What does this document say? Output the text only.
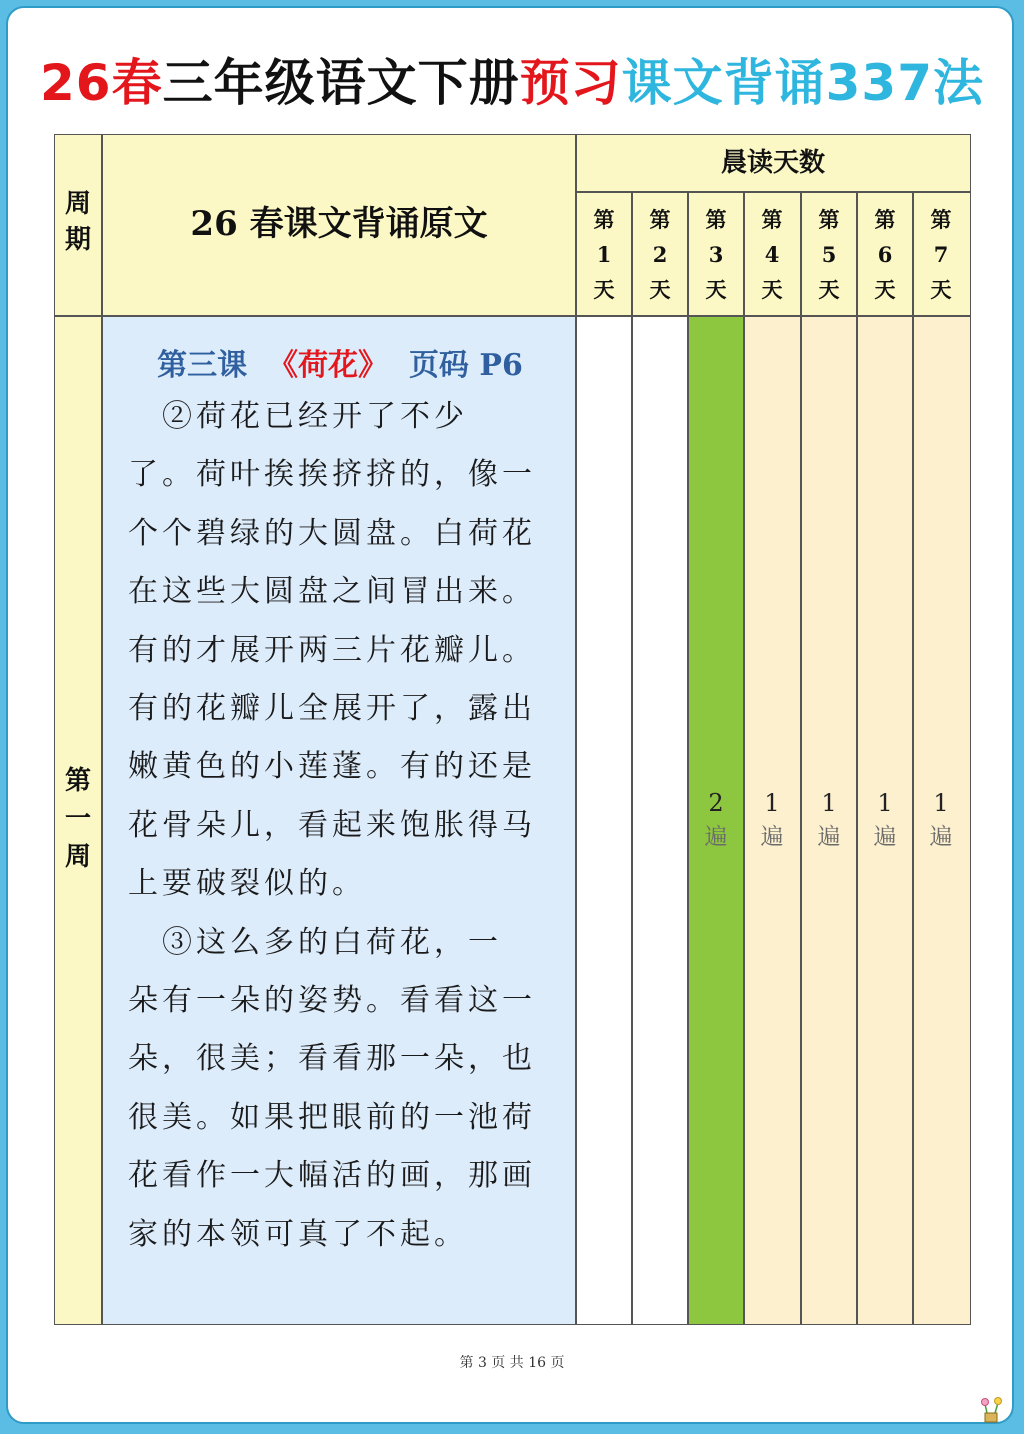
26春三年级语文下册预习课文背诵337法
周期	26 春课文背诵原文
晨读天数
第
1
天
第
2
天
第
3
天
第
4
天
第
5
天
第
6
天
第
7
天
第一周
第三课 《荷花》 页码 P6
　②荷花已经开了不少
了。荷叶挨挨挤挤的，像一
个个碧绿的大圆盘。白荷花
在这些大圆盘之间冒出来。
有的才展开两三片花瓣儿。
有的花瓣儿全展开了，露出
嫩黄色的小莲蓬。有的还是
花骨朵儿，看起来饱胀得马
上要破裂似的。
　③这么多的白荷花，一
朵有一朵的姿势。看看这一
朵，很美；看看那一朵，也
很美。如果把眼前的一池荷
花看作一大幅活的画，那画
家的本领可真了不起。
2
遍
1
遍
1
遍
1
遍
1
遍
第 3 页 共 16 页
